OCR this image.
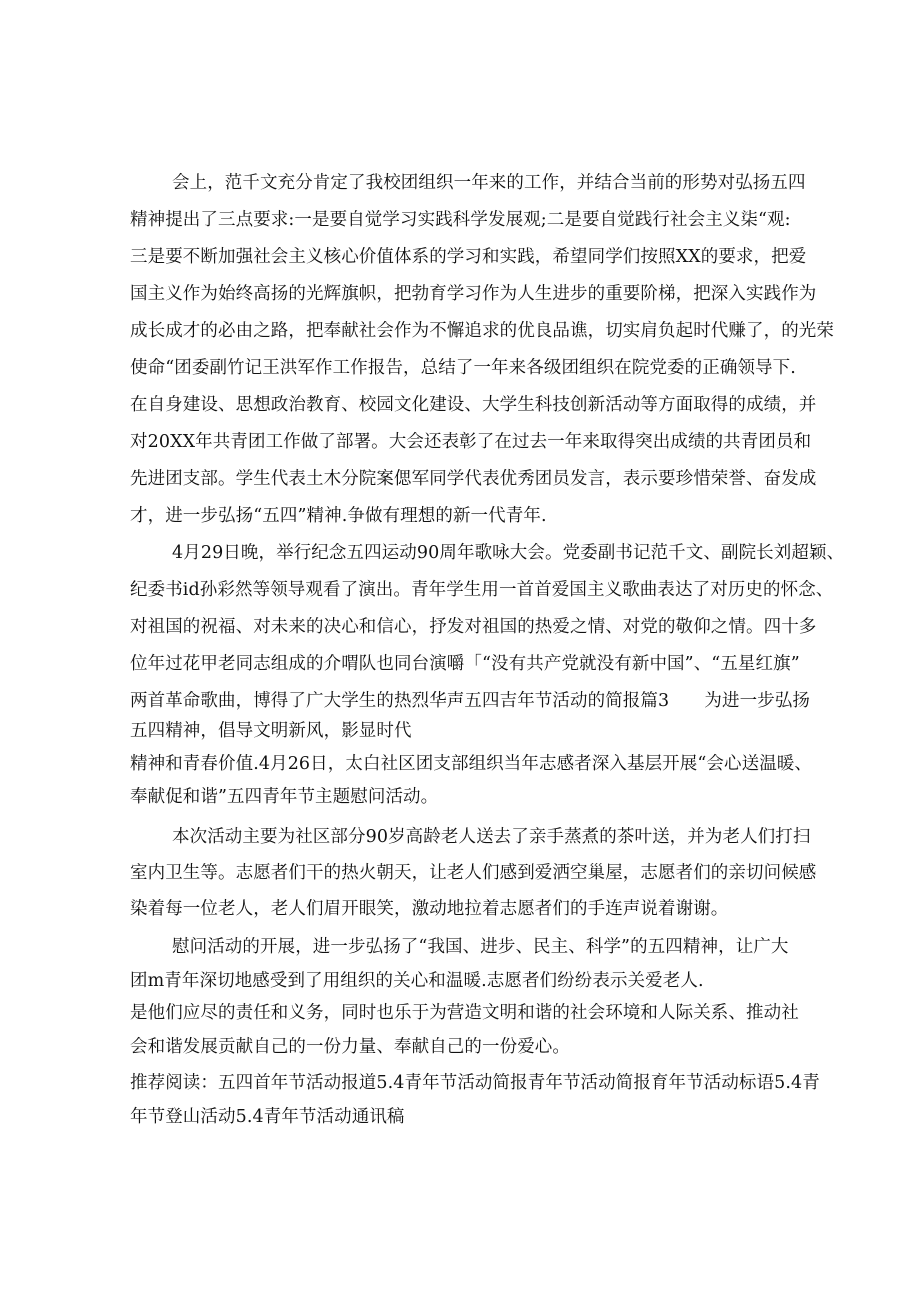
会上，范千文充分肯定了我校团组织一年来的工作，并结合当前的形势对弘扬五四
精神提出了三点要求:一是要自觉学习实践科学发展观;二是要自觉践行社会主义柒“观:
三是要不断加强社会主义核心价值体系的学习和实践，希望同学们按照XX的要求，把爱
国主义作为始终高扬的光辉旗帜，把勃育学习作为人生进步的重要阶梯，把深入实践作为
成长成才的必由之路，把奉献社会作为不懈追求的优良品谯，切实肩负起时代赚了，的光荣
使命“团委副竹记王洪军作工作报告，总结了一年来各级团组织在院党委的正确领导下.
在自身建设、思想政治教育、校园文化建设、大学生科技创新活动等方面取得的成绩，并
对20XX年共青团工作做了部署。大会还表彰了在过去一年来取得突出成绩的共青团员和
先进团支部。学生代表土木分院案偲军同学代表优秀团员发言，表示要珍惜荣誉、奋发成
才，进一步弘扬“五四”精神.争做有理想的新一代青年.
4月29日晚，举行纪念五四运动90周年歌咏大会。党委副书记范千文、副院长刘超颖、
纪委书id孙彩然等领导观看了演出。青年学生用一首首爱国主义歌曲表达了对历史的怀念、
对祖国的祝福、对未来的决心和信心，抒发对祖国的热爱之情、对党的敬仰之情。四十多
位年过花甲老同志组成的介喟队也同台演嚼「“没有共产党就没有新中国”、“五星红旗”
两首革命歌曲，博得了广大学生的热烈华声五四吉年节活动的简报篇3　　为进一步弘扬
五四精神，倡导文明新风，影显时代
精神和青春价值.4月26日，太白社区团支部组织当年志感者深入基层开展“会心送温暖、
奉献促和谐”五四青年节主题慰问活动。
本次活动主要为社区部分90岁高龄老人送去了亲手蒸煮的茶叶送，并为老人们打扫
室内卫生等。志愿者们干的热火朝天，让老人们感到爱洒空巢屋，志愿者们的亲切问候感
染着每一位老人，老人们眉开眼笑，激动地拉着志愿者们的手连声说着谢谢。
慰问活动的开展，进一步弘扬了“我国、进步、民主、科学”的五四精神，让广大
团m青年深切地感受到了用组织的关心和温暖.志愿者们纷纷表示关爱老人.
是他们应尽的责任和义务，同时也乐于为营造文明和谐的社会环境和人际关系、推动社
会和谐发展贡献自己的一份力量、奉献自己的一份爱心。
推荐阅读：五四首年节活动报道5.4青年节活动简报青年节活动简报育年节活动标语5.4青
年节登山活动5.4青年节活动通讯稿
